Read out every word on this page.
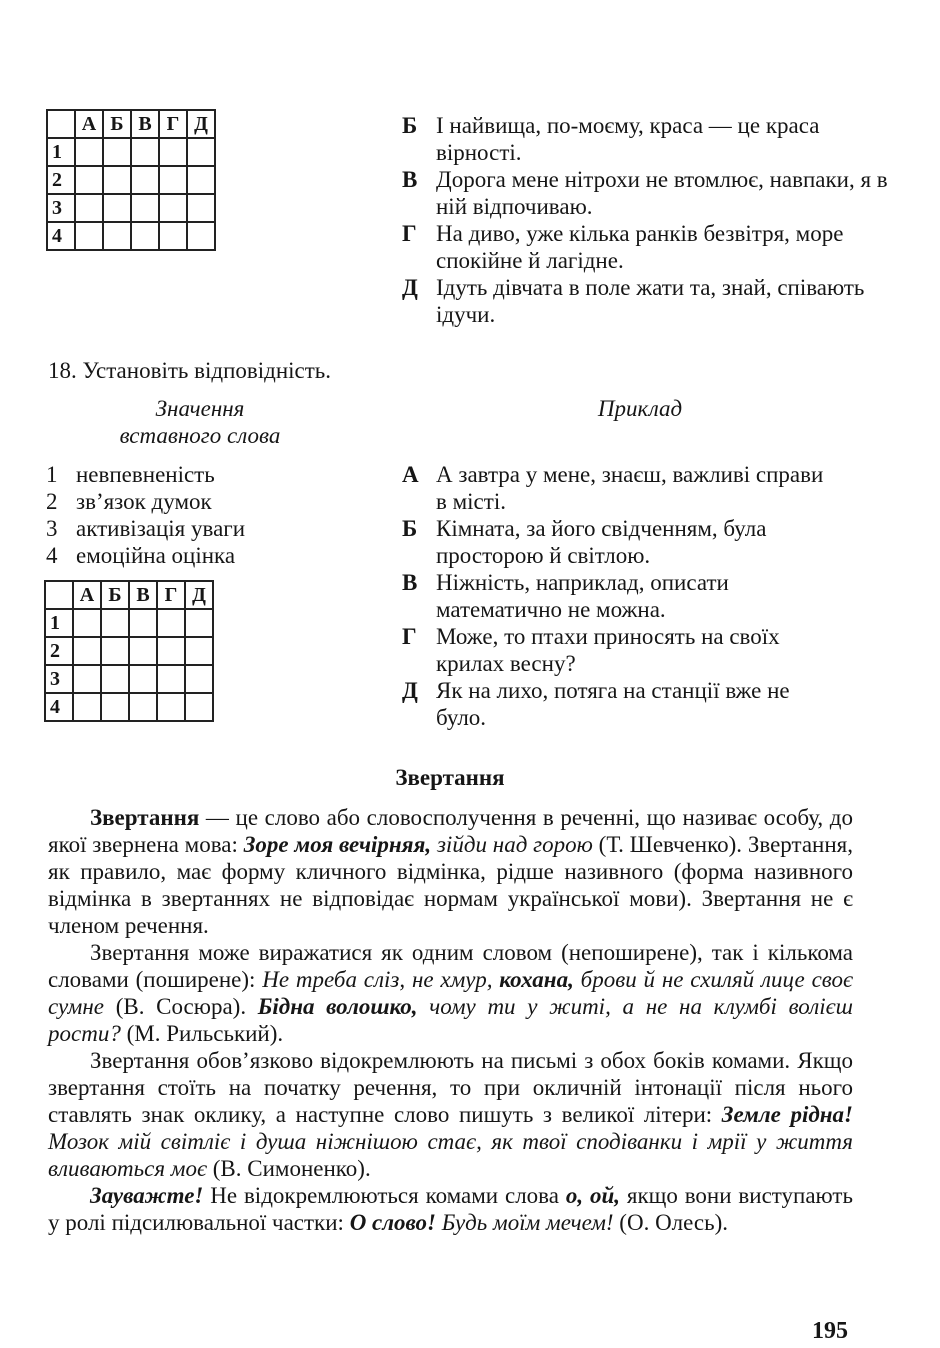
	А	Б	В	Г	Д
1					
2					
3					
4					
Б І найвища, по-моєму, краса — це краса вірності.
В Дорога мене нітрохи не втомлює, навпаки, я в ній відпочиваю.
Г На диво, уже кілька ранків безвітря, море спокійне й лагідне.
Д Ідуть дівчата в поле жати та, знай, співають ідучи.
18. Установіть відповідність.
Значення
вставного слова
Приклад
1 невпевненість
2 зв’язок думок
3 активізація уваги
4 емоційна оцінка
	А	Б	В	Г	Д
1					
2					
3					
4					
А А завтра у мене, знаєш, важливі справи в місті.
Б Кімната, за його свідченням, була просторою й світлою.
В Ніжність, наприклад, описати математично не можна.
Г Може, то птахи приносять на своїх крилах весну?
Д Як на лихо, потяга на станції вже не було.
Звертання

Звертання — це слово або словосполучення в реченні, що називає особу, до якої звернена мова: Зоре моя вечірняя, зійди над горою (Т. Шевченко). Звертання, як правило, має форму кличного відмінка, рідше називного (форма називного відмінка в звертаннях не відповідає нормам української мови). Звертання не є членом речення.

Звертання може виражатися як одним словом (непоширене), так і кількома словами (поширене): Не треба сліз, не хмур, кохана, брови й не схиляй лице своє сумне (В. Сосюра). Бідна волошко, чому ти у житі, а не на клумбі волієш рости? (М. Рильський).

Звертання обов’язково відокремлюють на письмі з обох боків комами. Якщо звертання стоїть на початку речення, то при окличній інтонації після нього ставлять знак оклику, а наступне слово пишуть з великої літери: Земле рідна! Мозок мій світліє і душа ніжнішою стає, як твої сподіванки і мрії у життя вливаються моє (В. Симоненко).

Зауважте! Не відокремлюються комами слова о, ой, якщо вони виступають у ролі підсилювальної частки: О слово! Будь моїм мечем! (О. Олесь).

195
